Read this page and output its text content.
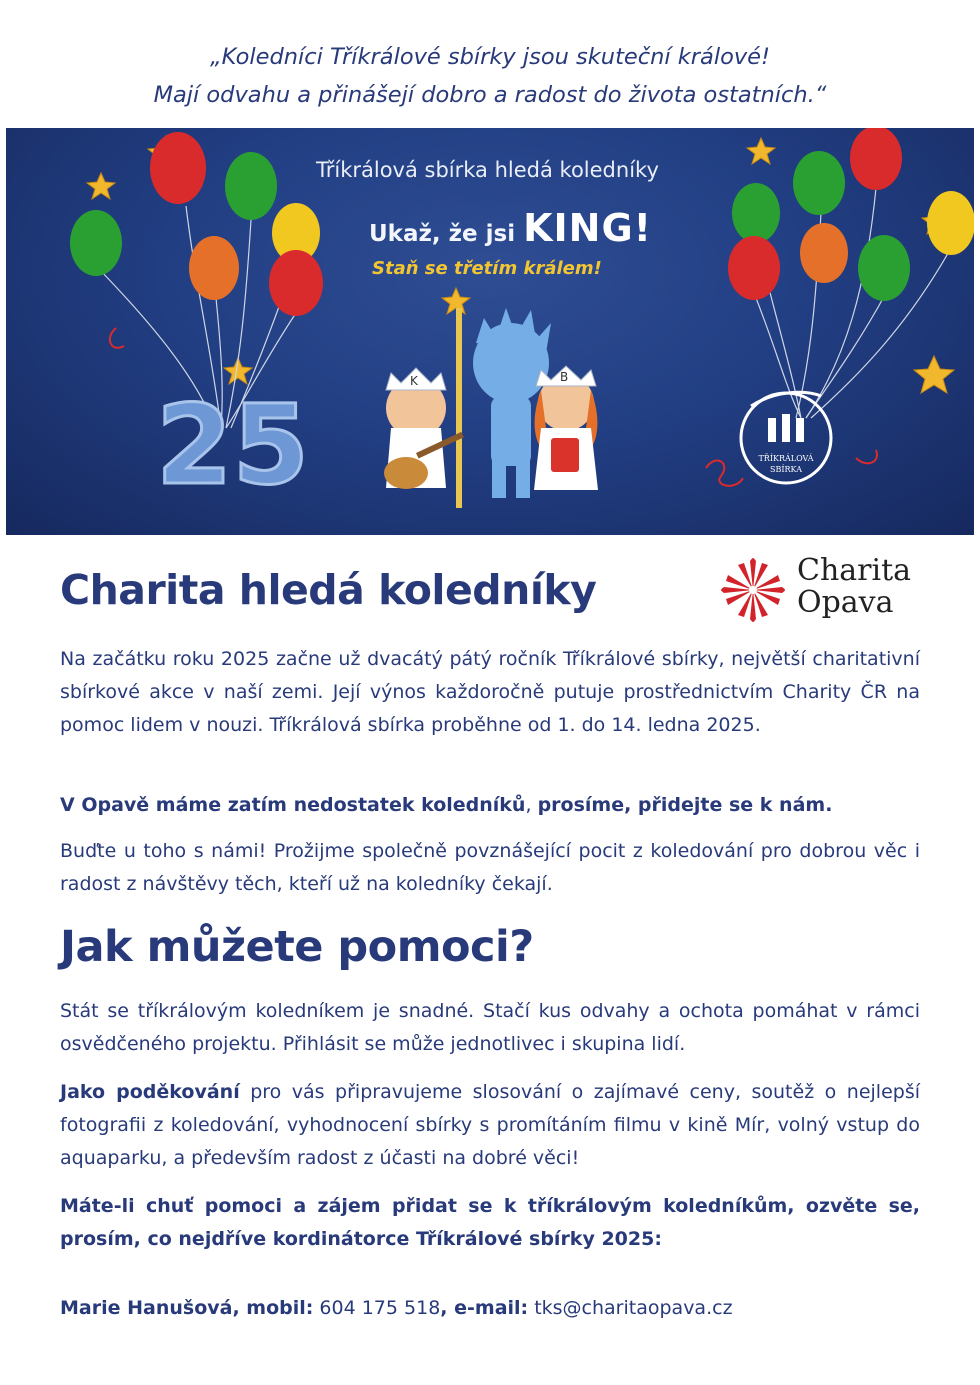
„Koledníci Tříkrálové sbírky jsou skuteční králové!
Mají odvahu a přinášejí dobro a radost do života ostatních.“
25	K	B
TŘÍKRÁLOVÁ
SBÍRKA
Tříkrálová sbírka hledá koledníky
Ukaž, že jsi KING!
Staň se třetím králem!
Charita hledá koledníky	Charita
Opava

Na začátku roku 2025 začne už dvacátý pátý ročník Tříkrálové sbírky, největší charitativní sbírkové akce v naší zemi. Její výnos každoročně putuje prostřednictvím Charity ČR na pomoc lidem v nouzi. Tříkrálová sbírka proběhne od 1. do 14. ledna 2025.

V Opavě máme zatím nedostatek koledníků, prosíme, přidejte se k nám.

Buďte u toho s námi! Prožijme společně povznášející pocit z koledování pro dobrou věc i radost z návštěvy těch, kteří už na koledníky čekají.

Jak můžete pomoci?

Stát se tříkrálovým koledníkem je snadné. Stačí kus odvahy a ochota pomáhat v rámci osvědčeného projektu. Přihlásit se může jednotlivec i skupina lidí.

Jako poděkování pro vás připravujeme slosování o zajímavé ceny, soutěž o nejlepší fotografii z koledování, vyhodnocení sbírky s promítáním filmu v kině Mír, volný vstup do aquaparku, a především radost z účasti na dobré věci!

Máte-li chuť pomoci a zájem přidat se k tříkrálovým koledníkům, ozvěte se, prosím, co nejdříve kordinátorce Tříkrálové sbírky 2025:

Marie Hanušová, mobil: 604 175 518, e-mail: tks@charitaopava.cz
